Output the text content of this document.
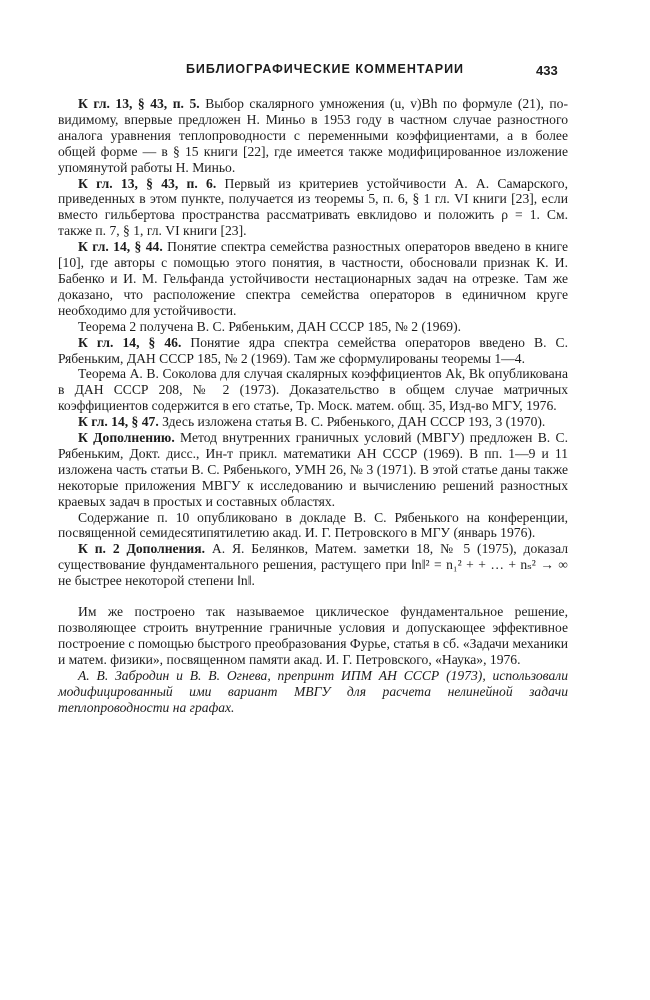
БИБЛИОГРАФИЧЕСКИЕ КОММЕНТАРИИ	433

К гл. 13, § 43, п. 5. Выбор скалярного умножения (u, v)Bh по формуле (21), по-видимому, впервые предложен Н. Миньо в 1953 году в частном случае разностного аналога уравнения теплопроводности с переменными коэффициентами, а в более общей форме — в § 15 книги [22], где имеется также модифицированное изложение упомянутой работы Н. Миньо.

К гл. 13, § 43, п. 6. Первый из критериев устойчивости А. А. Самарского, приведенных в этом пункте, получается из теоремы 5, п. 6, § 1 гл. VI книги [23], если вместо гильбертова пространства рассматривать евклидово и положить ρ = 1. См. также п. 7, § 1, гл. VI книги [23].

К гл. 14, § 44. Понятие спектра семейства разностных операторов введено в книге [10], где авторы с помощью этого понятия, в частности, обосновали признак К. И. Бабенко и И. М. Гельфанда устойчивости нестационарных задач на отрезке. Там же доказано, что расположение спектра семейства операторов в единичном круге необходимо для устойчивости.

Теорема 2 получена В. С. Рябеньким, ДАН СССР 185, № 2 (1969).

К гл. 14, § 46. Понятие ядра спектра семейства операторов введено В. С. Рябеньким, ДАН СССР 185, № 2 (1969). Там же сформулированы теоремы 1—4.

Теорема А. В. Соколова для случая скалярных коэффициентов Ak, Bk опубликована в ДАН СССР 208, № 2 (1973). Доказательство в общем случае матричных коэффициентов содержится в его статье, Тр. Моск. матем. общ. 35, Изд-во МГУ, 1976.

К гл. 14, § 47. Здесь изложена статья В. С. Рябенького, ДАН СССР 193, 3 (1970).

К Дополнению. Метод внутренних граничных условий (МВГУ) предложен В. С. Рябеньким, Докт. дисс., Ин-т прикл. математики АН СССР (1969). В пп. 1—9 и 11 изложена часть статьи В. С. Рябенького, УМН 26, № 3 (1971). В этой статье даны также некоторые приложения МВГУ к исследованию и вычислению решений разностных краевых задач в простых и составных областях.

Содержание п. 10 опубликовано в докладе В. С. Рябенького на конференции, посвященной семидесятипятилетию акад. И. Г. Петровского в МГУ (январь 1976).

К п. 2 Дополнения. А. Я. Белянков, Матем. заметки 18, № 5 (1975), доказал существование фундаментального решения, растущего при ‖n‖² = n₁² + + … + nₛ² → ∞ не быстрее некоторой степени ‖n‖.

Им же построено так называемое циклическое фундаментальное решение, позволяющее строить внутренние граничные условия и допускающее эффективное построение с помощью быстрого преобразования Фурье, статья в сб. «Задачи механики и матем. физики», посвященном памяти акад. И. Г. Петровского, «Наука», 1976.

А. В. Забродин и В. В. Огнева, препринт ИПМ АН СССР (1973), использовали модифицированный ими вариант МВГУ для расчета нелинейной задачи теплопроводности на графах.
